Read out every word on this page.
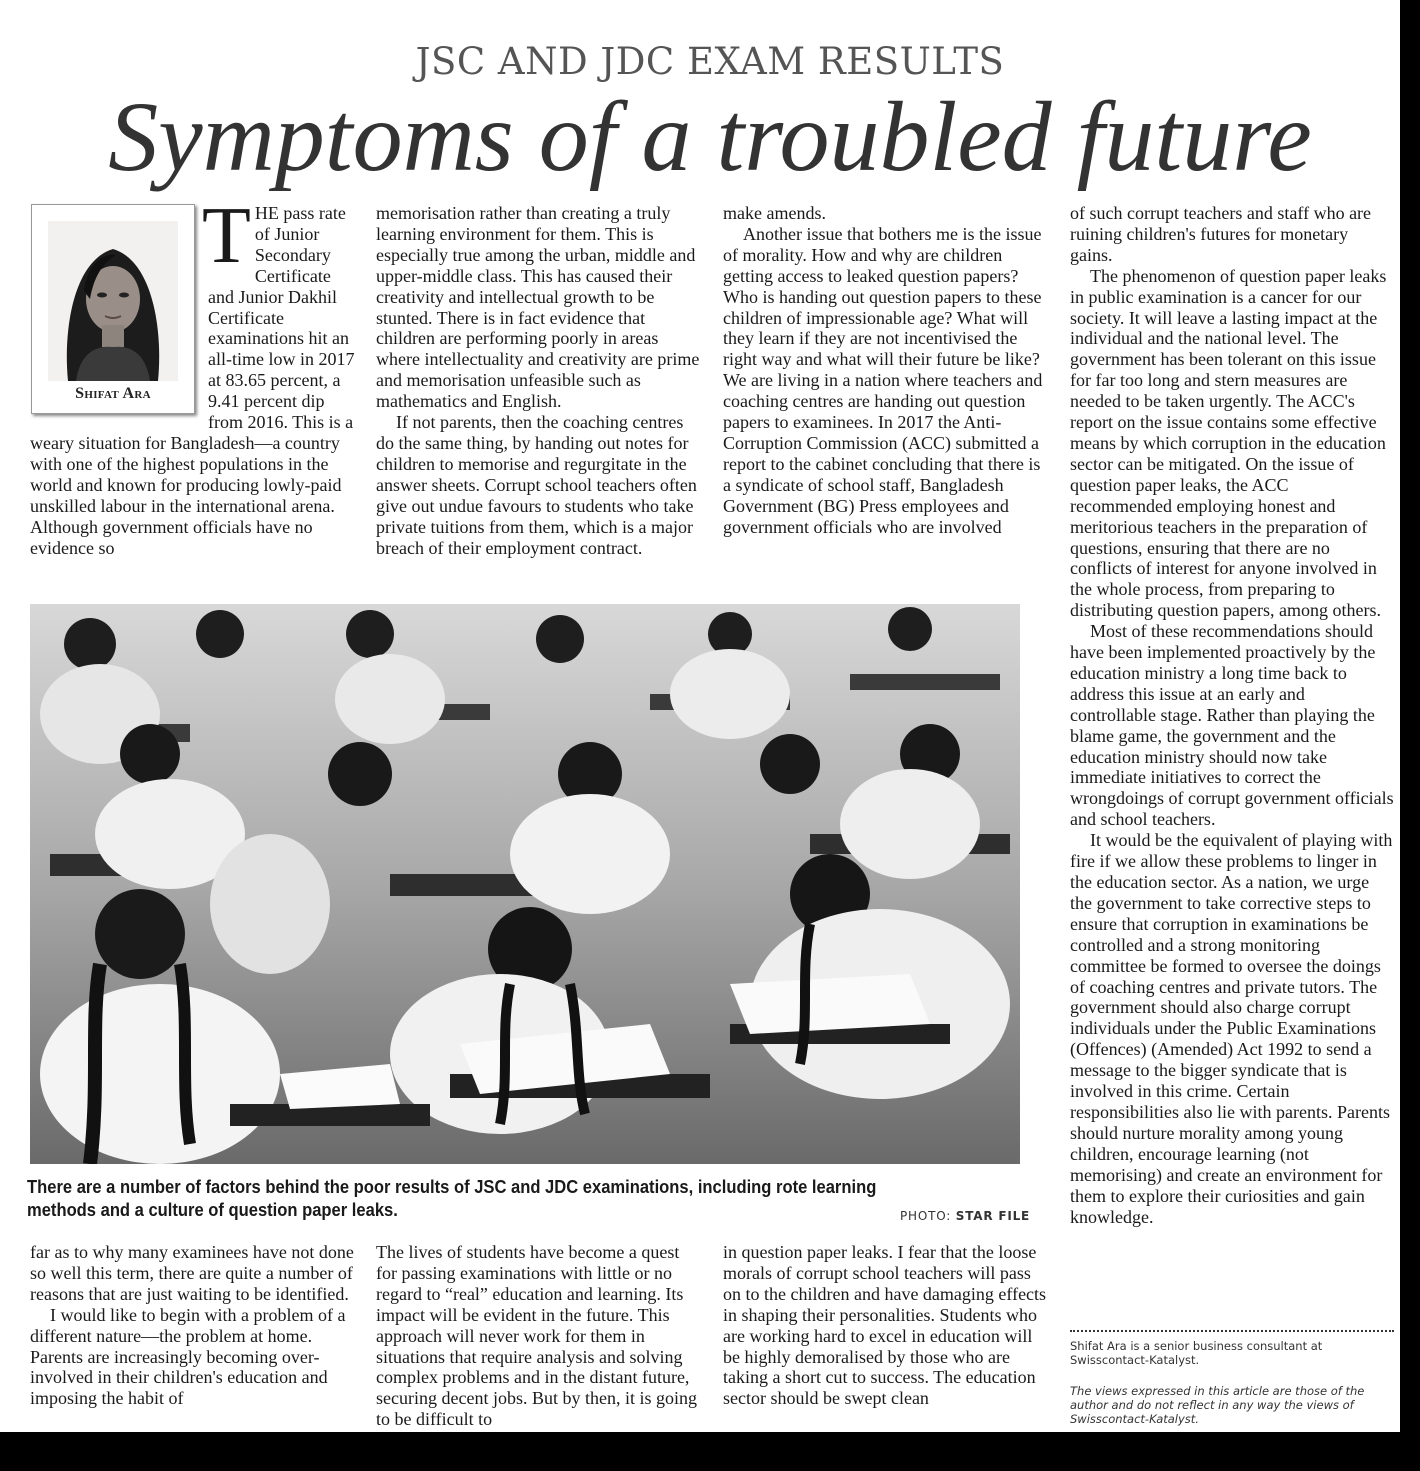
JSC AND JDC EXAM RESULTS
Symptoms of a troubled future
Shifat Ara

THE pass rate of Junior Secondary Certificate and Junior Dakhil Certificate examinations hit an all-time low in 2017 at 83.65 percent, a 9.41 percent dip from 2016. This is a weary situation for Bangladesh—a country with one of the highest populations in the world and known for producing lowly-paid unskilled labour in the international arena. Although government officials have no evidence so

memorisation rather than creating a truly learning environment for them. This is especially true among the urban, middle and upper-middle class. This has caused their creativity and intellectual growth to be stunted. There is in fact evidence that children are performing poorly in areas where intellectuality and creativity are prime and memorisation unfeasible such as mathematics and English.

If not parents, then the coaching centres do the same thing, by handing out notes for children to memorise and regurgitate in the answer sheets. Corrupt school teachers often give out undue favours to students who take private tuitions from them, which is a major breach of their employment contract.

make amends.

Another issue that bothers me is the issue of morality. How and why are children getting access to leaked question papers? Who is handing out question papers to these children of impressionable age? What will they learn if they are not incentivised the right way and what will their future be like? We are living in a nation where teachers and coaching centres are handing out question papers to examinees. In 2017 the Anti-Corruption Commission (ACC) submitted a report to the cabinet concluding that there is a syndicate of school staff, Bangladesh Government (BG) Press employees and government officials who are involved

of such corrupt teachers and staff who are ruining children's futures for monetary gains.

The phenomenon of question paper leaks in public examination is a cancer for our society. It will leave a lasting impact at the individual and the national level. The government has been tolerant on this issue for far too long and stern measures are needed to be taken urgently. The ACC's report on the issue contains some effective means by which corruption in the education sector can be mitigated. On the issue of question paper leaks, the ACC recommended employing honest and meritorious teachers in the preparation of questions, ensuring that there are no conflicts of interest for anyone involved in the whole process, from preparing to distributing question papers, among others.

Most of these recommendations should have been implemented proactively by the education ministry a long time back to address this issue at an early and controllable stage. Rather than playing the blame game, the government and the education ministry should now take immediate initiatives to correct the wrongdoings of corrupt government officials and school teachers.

It would be the equivalent of playing with fire if we allow these problems to linger in the education sector. As a nation, we urge the government to take corrective steps to ensure that corruption in examinations be controlled and a strong monitoring committee be formed to oversee the doings of coaching centres and private tutors. The government should also charge corrupt individuals under the Public Examinations (Offences) (Amended) Act 1992 to send a message to the bigger syndicate that is involved in this crime. Certain responsibilities also lie with parents. Parents should nurture morality among young children, encourage learning (not memorising) and create an environment for them to explore their curiosities and gain knowledge.

There are a number of factors behind the poor results of JSC and JDC examinations, including rote learning methods and a culture of question paper leaks.	PHOTO: STAR FILE

far as to why many examinees have not done so well this term, there are quite a number of reasons that are just waiting to be identified.

I would like to begin with a problem of a different nature—the problem at home. Parents are increasingly becoming over-involved in their children's education and imposing the habit of

The lives of students have become a quest for passing examinations with little or no regard to “real” education and learning. Its impact will be evident in the future. This approach will never work for them in situations that require analysis and solving complex problems and in the distant future, securing decent jobs. But by then, it is going to be difficult to

in question paper leaks. I fear that the loose morals of corrupt school teachers will pass on to the children and have damaging effects in shaping their personalities. Students who are working hard to excel in education will be highly demoralised by those who are taking a short cut to success. The education sector should be swept clean

Shifat Ara is a senior business consultant at Swisscontact-Katalyst.
The views expressed in this article are those of the author and do not reflect in any way the views of Swisscontact-Katalyst.
